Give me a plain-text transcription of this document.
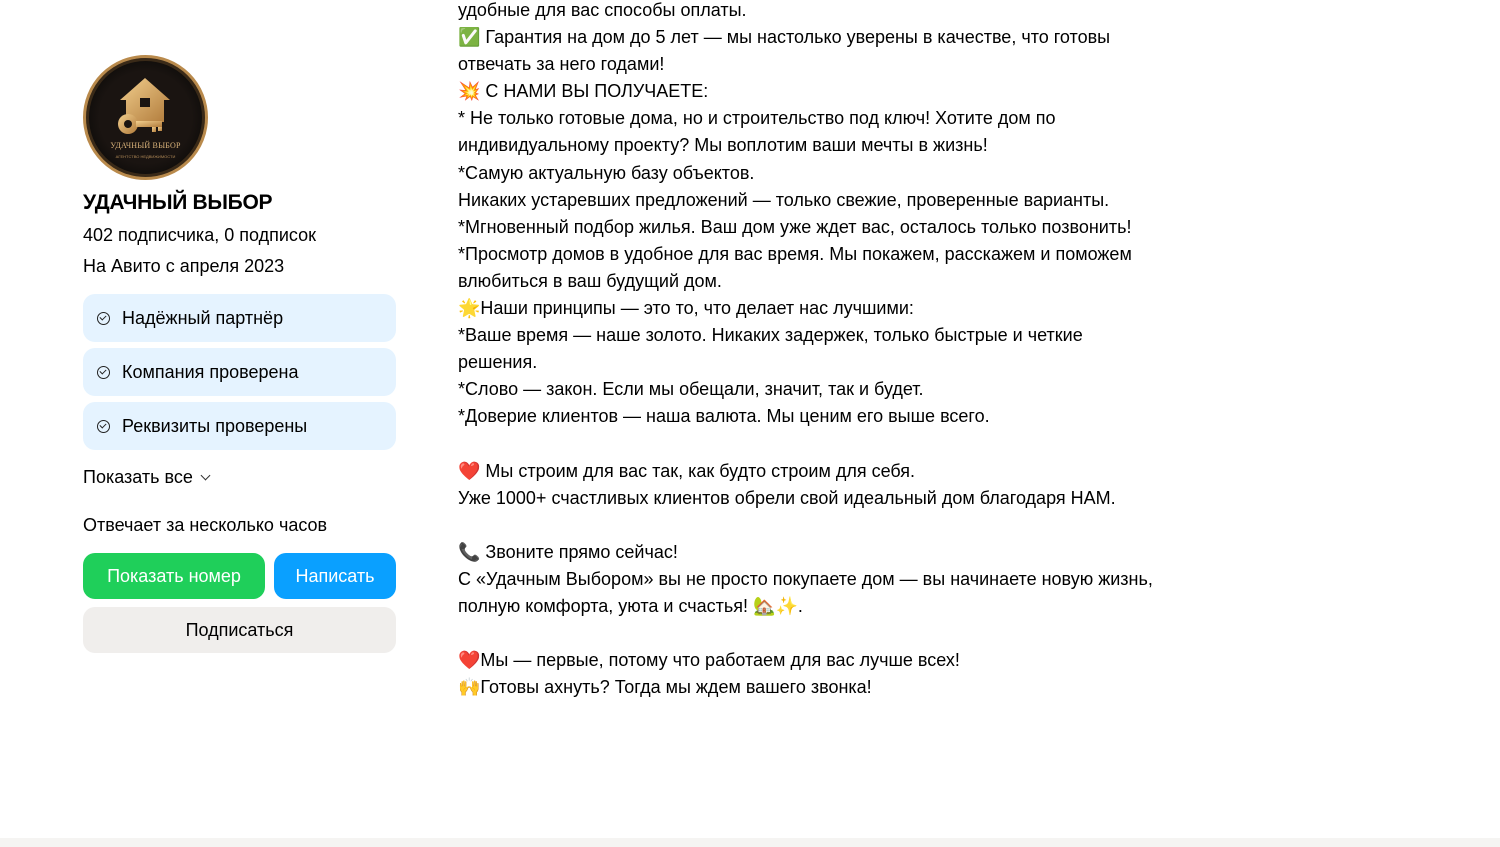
УДАЧНЫЙ ВЫБОР
АГЕНТСТВО НЕДВИЖИМОСТИ
УДАЧНЫЙ ВЫБОР
402 подписчика, 0 подписок
На Авито с апреля 2023
Надёжный партнёр
Компания проверена
Реквизиты проверены
Показать все
Отвечает за несколько часов
Показать номер	Написать
Подписаться
удобные для вас способы оплаты.
✅ Гарантия на дом до 5 лет — мы настолько уверены в качестве, что готовы
отвечать за него годами!
💥 С НАМИ ВЫ ПОЛУЧАЕТЕ:
* Не только готовые дома, но и строительство под ключ! Хотите дом по
индивидуальному проекту? Мы воплотим ваши мечты в жизнь!
*Самую актуальную базу объектов.
Никаких устаревших предложений — только свежие, проверенные варианты.
*Мгновенный подбор жилья. Ваш дом уже ждет вас, осталось только позвонить!
*Просмотр домов в удобное для вас время. Мы покажем, расскажем и поможем
влюбиться в ваш будущий дом.
🌟Наши принципы — это то, что делает нас лучшими:
*Ваше время — наше золото. Никаких задержек, только быстрые и четкие
решения.
*Слово — закон. Если мы обещали, значит, так и будет.
*Доверие клиентов — наша валюта. Мы ценим его выше всего.
❤️ Мы строим для вас так, как будто строим для себя.
Уже 1000+ счастливых клиентов обрели свой идеальный дом благодаря НАМ.
📞 Звоните прямо сейчас!
С «Удачным Выбором» вы не просто покупаете дом — вы начинаете новую жизнь,
полную комфорта, уюта и счастья! 🏡✨.
❤️Мы — первые, потому что работаем для вас лучше всех!
🙌Готовы ахнуть? Тогда мы ждем вашего звонка!
